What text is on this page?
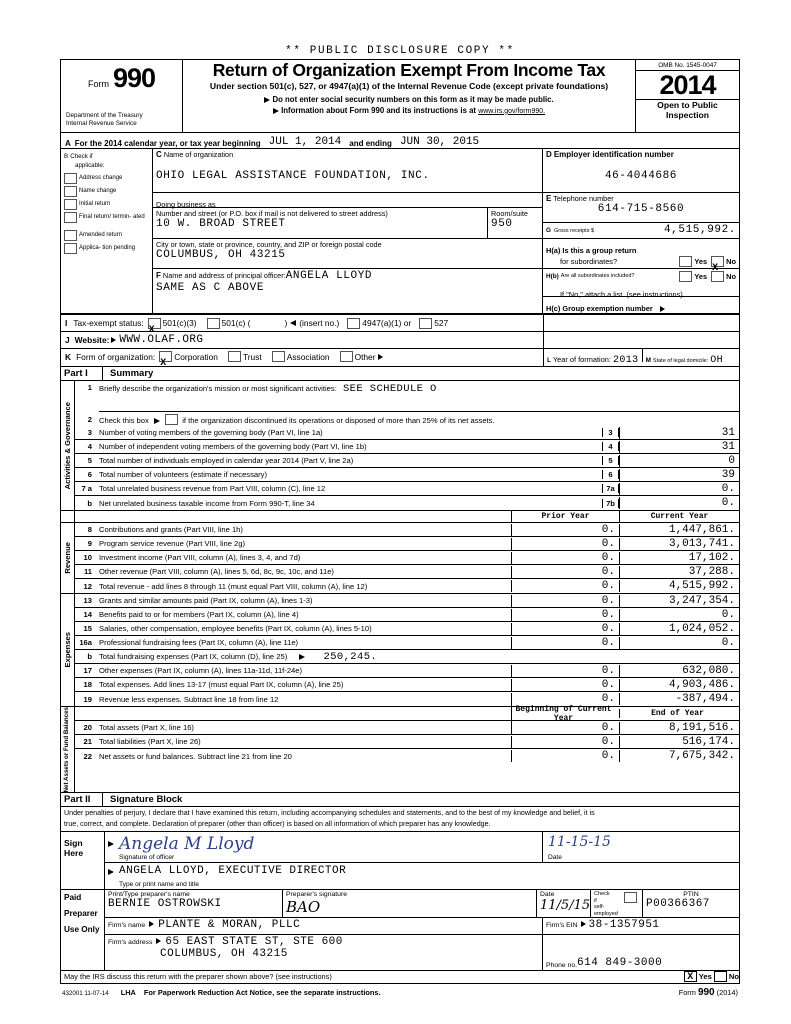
** PUBLIC DISCLOSURE COPY **
Form 990
Department of the Treasury
Internal Revenue Service
Return of Organization Exempt From Income Tax
Under section 501(c), 527, or 4947(a)(1) of the Internal Revenue Code (except private foundations)
Do not enter social security numbers on this form as it may be made public.
Information about Form 990 and its instructions is at www.irs.gov/form990.
OMB No. 1545-0047
2014
Open to Public
Inspection
A For the 2014 calendar year, or tax year beginning JUL 1, 2014	and ending JUN 30, 2015
B Check if
applicable:
Address change
Name change
Initial return
Final return/ termin- ated
Amended return
Applica- tion pending
C Name of organization
OHIO LEGAL ASSISTANCE FOUNDATION, INC.
Doing business as
Number and street (or P.O. box if mail is not delivered to street address)
10 W. BROAD STREET
Room/suite
950
City or town, state or province, country, and ZIP or foreign postal code
COLUMBUS, OH 43215
F Name and address of principal officer:ANGELA LLOYD
SAME AS C ABOVE
D Employer identification number
46-4044686
E Telephone number
614-715-8560
G Gross receipts $	4,515,992.
H(a) Is this a group return
for subordinates?	Yes
X
No
H(b) Are all subordinates included?	Yes	No
If "No," attach a list. (see instructions)
H(c) Group exemption number
I Tax-exempt status:
X
501(c)(3)	501(c) (	) (insert no.)	4947(a)(1) or	527
J Website: WWW.OLAF.ORG
K Form of organization:
X
Corporation	Trust	Association	Other	L Year of formation: 2013 M State of legal domicile: OH
Part I	Summary
Activities & Governance
1 Briefly describe the organization's mission or most significant activities: SEE SCHEDULE O
2 Check this box	if the organization discontinued its operations or disposed of more than 25% of its net assets.
3 Number of voting members of the governing body (Part VI, line 1a)	3	31
4 Number of independent voting members of the governing body (Part VI, line 1b)	4	31
5 Total number of individuals employed in calendar year 2014 (Part V, line 2a)	5	0
6 Total number of volunteers (estimate if necessary)	6	39
7 a Total unrelated business revenue from Part VIII, column (C), line 12	7a	0.
b Net unrelated business taxable income from Form 990-T, line 34	7b	0.
Prior Year	Current Year
Revenue
8 Contributions and grants (Part VIII, line 1h)	0.	1,447,861.
9 Program service revenue (Part VIII, line 2g)	0.	3,013,741.
10 Investment income (Part VIII, column (A), lines 3, 4, and 7d)	0.	17,102.
11 Other revenue (Part VIII, column (A), lines 5, 6d, 8c, 9c, 10c, and 11e)	0.	37,288.
12 Total revenue - add lines 8 through 11 (must equal Part VIII, column (A), line 12)	0.	4,515,992.
Expenses
13 Grants and similar amounts paid (Part IX, column (A), lines 1-3)	0.	3,247,354.
14 Benefits paid to or for members (Part IX, column (A), line 4)	0.	0.
15 Salaries, other compensation, employee benefits (Part IX, column (A), lines 5-10)	0.	1,024,052.
16a Professional fundraising fees (Part IX, column (A), line 11e)	0.	0.
b Total fundraising expenses (Part IX, column (D), line 25)	250,245.
17 Other expenses (Part IX, column (A), lines 11a-11d, 11f-24e)	0.	632,080.
18 Total expenses. Add lines 13-17 (must equal Part IX, column (A), line 25)	0.	4,903,486.
19 Revenue less expenses. Subtract line 18 from line 12	0.	-387,494.
Net Assets or Fund Balances	Beginning of Current Year	End of Year
20 Total assets (Part X, line 16)	0.	8,191,516.
21 Total liabilities (Part X, line 26)	0.	516,174.
22 Net assets or fund balances. Subtract line 21 from line 20	0.	7,675,342.
Part II	Signature Block
Under penalties of perjury, I declare that I have examined this return, including accompanying schedules and statements, and to the best of my knowledge and belief, it is
true, correct, and complete. Declaration of preparer (other than officer) is based on all information of which preparer has any knowledge.
Sign
Here	Angela M Lloyd
Signature of officer
11-15-15
Date
ANGELA LLOYD, EXECUTIVE DIRECTOR
Type or print name and title
Paid
Preparer
Use Only
Print/Type preparer's name
BERNIE OSTROWSKI
Preparer's signature
BAO
Date
11/5/15
Check
if
self-employed
PTIN
P00366367
Firm's name PLANTE & MORAN, PLLC	Firm's EIN 38-1357951
Firm's address 65 EAST STATE ST, STE 600
COLUMBUS, OH 43215
Phone no. 614 849-3000
May the IRS discuss this return with the preparer shown above? (see instructions)	X Yes No
432001 11-07-14 LHA For Paperwork Reduction Act Notice, see the separate instructions.	Form 990 (2014)
